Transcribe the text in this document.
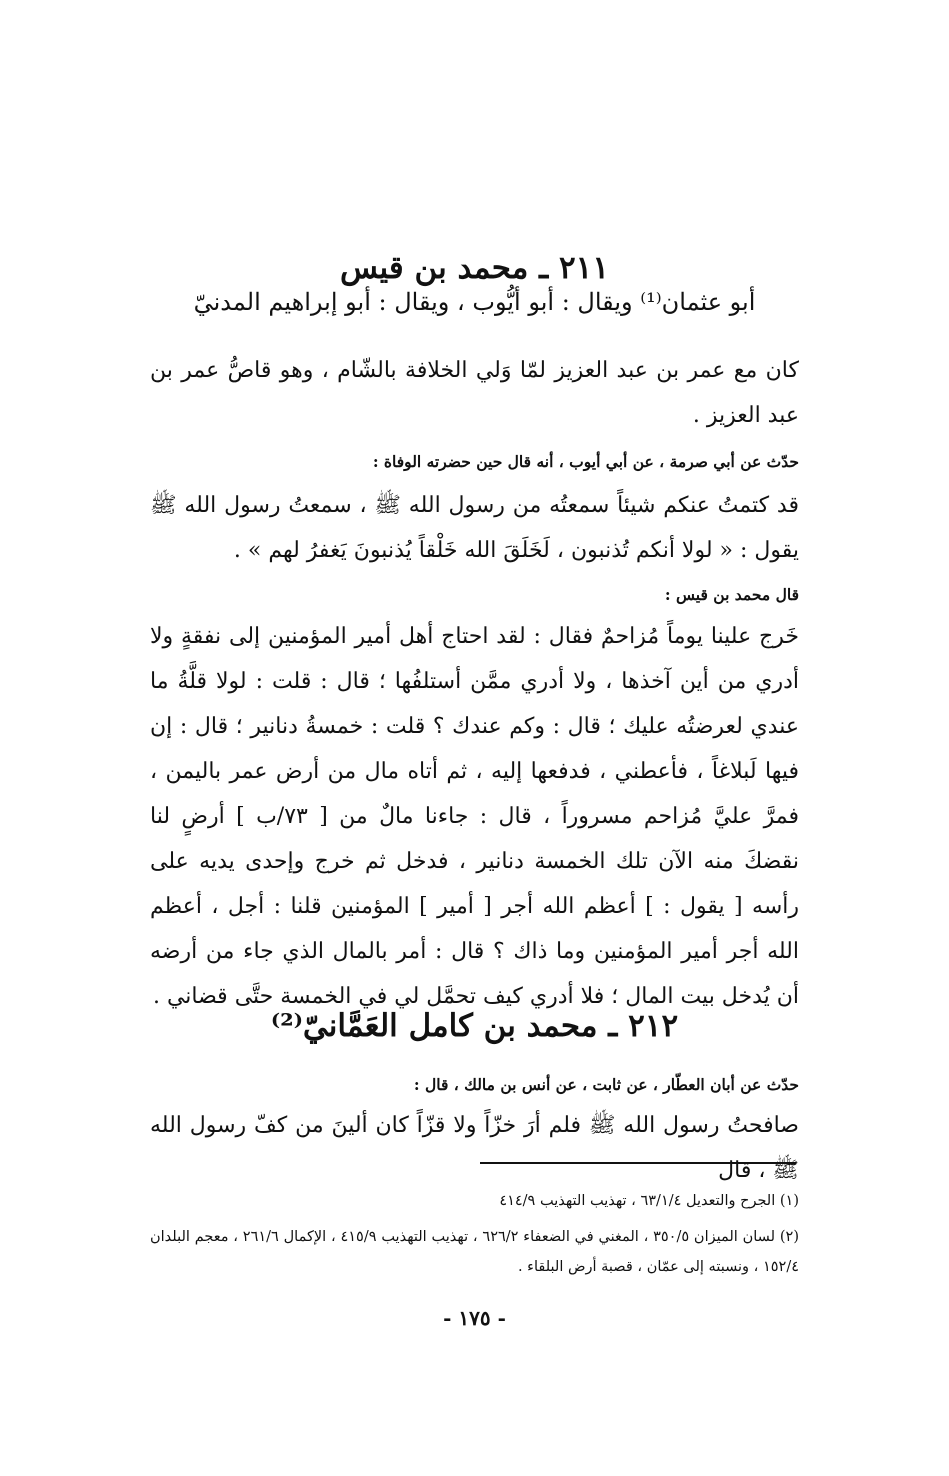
٢١١ ـ محمد بن قيس
أبو عثمان⁽¹⁾ ويقال : أبو أيُّوب ، ويقال : أبو إبراهيم المدنيّ

كان مع عمر بن عبد العزيز لمّا وَلي الخلافة بالشّام ، وهو قاصُّ عمر بن عبد العزيز .

حدّث عن أبي صرمة ، عن أبي أيوب ، أنه قال حين حضرته الوفاة :

قد كتمتُ عنكم شيئاً سمعتُه من رسول الله ﷺ ، سمعتُ رسول الله ﷺ يقول : « لولا أنكم تُذنبون ، لَخَلَقَ الله خَلْقاً يُذنبونَ يَغفرُ لهم » .

قال محمد بن قيس :

خَرج علينا يوماً مُزاحمٌ فقال : لقد احتاج أهل أمير المؤمنين إلى نفقةٍ ولا أدري من أين آخذها ، ولا أدري ممَّن أستلفُها ؛ قال : قلت : لولا قلَّةُ ما عندي لعرضتُه عليك ؛ قال : وكم عندك ؟ قلت : خمسةُ دنانير ؛ قال : إن فيها لَبلاغاً ، فأعطني ، فدفعها إليه ، ثم أتاه مال من أرض عمر باليمن ، فمرَّ عليَّ مُزاحم مسروراً ، قال : جاءنا مالٌ من [ ٧٣/ب ] أرضٍ لنا نقضكَ منه الآن تلك الخمسة دنانير ، فدخل ثم خرج وإحدى يديه على رأسه [ يقول : ] أعظم الله أجر [ أمير ] المؤمنين قلنا : أجل ، أعظم الله أجر أمير المؤمنين وما ذاك ؟ قال : أمر بالمال الذي جاء من أرضه أن يُدخل بيت المال ؛ فلا أدري كيف تحمَّل لي في الخمسة حتَّى قضاني .

٢١٢ ـ محمد بن كامل العَمَّانيّ⁽²⁾

حدّث عن أبان العطّار ، عن ثابت ، عن أنس بن مالك ، قال :

صافحتُ رسول الله ﷺ فلم أرَ خزّاً ولا قزّاً كان ألينَ من كفّ رسول الله ﷺ ، قال

(١) الجرح والتعديل ٦٣/١/٤ ، تهذيب التهذيب ٤١٤/٩

(٢) لسان الميزان ٣٥٠/٥ ، المغني في الضعفاء ٦٢٦/٢ ، تهذيب التهذيب ٤١٥/٩ ، الإكمال ٢٦١/٦ ، معجم البلدان ١٥٢/٤ ، ونسبته إلى عمّان ، قصبة أرض البلقاء .

- ١٧٥ -
